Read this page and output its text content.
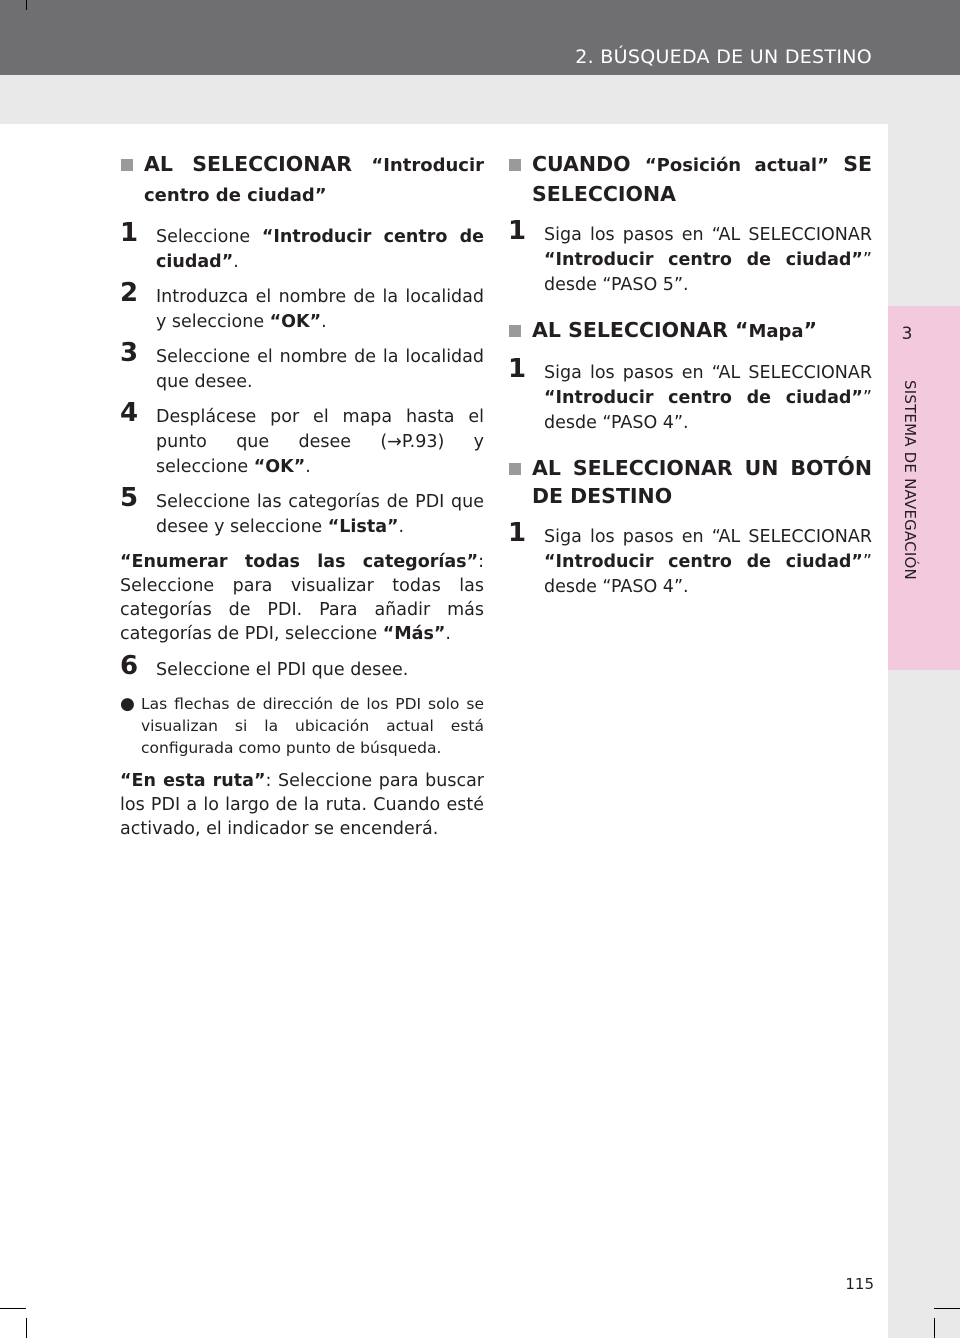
2. BÚSQUEDA DE UN DESTINO
3
SISTEMA DE NAVEGACIÓN
AL SELECCIONAR “Introducir centro de ciudad”
1 Seleccione “Introducir centro de ciudad”.
2 Introduzca el nombre de la localidad y seleccione “OK”.
3 Seleccione el nombre de la localidad que desee.
4 Desplácese por el mapa hasta el punto que desee (→P.93) y seleccione “OK”.
5 Seleccione las categorías de PDI que desee y seleccione “Lista”.
“Enumerar todas las categorías”: Seleccione para visualizar todas las categorías de PDI. Para añadir más categorías de PDI, seleccione “Más”.
6 Seleccione el PDI que desee.
● Las flechas de dirección de los PDI solo se visualizan si la ubicación actual está configurada como punto de búsqueda.
“En esta ruta”: Seleccione para buscar los PDI a lo largo de la ruta. Cuando esté activado, el indicador se encenderá.
CUANDO “Posición actual” SE SELECCIONA
1 Siga los pasos en “AL SELECCIONAR “Introducir centro de ciudad”” desde “PASO 5”.
AL SELECCIONAR “Mapa”
1 Siga los pasos en “AL SELECCIONAR “Introducir centro de ciudad”” desde “PASO 4”.
AL SELECCIONAR UN BOTÓN DE DESTINO
1 Siga los pasos en “AL SELECCIONAR “Introducir centro de ciudad”” desde “PASO 4”.
115
